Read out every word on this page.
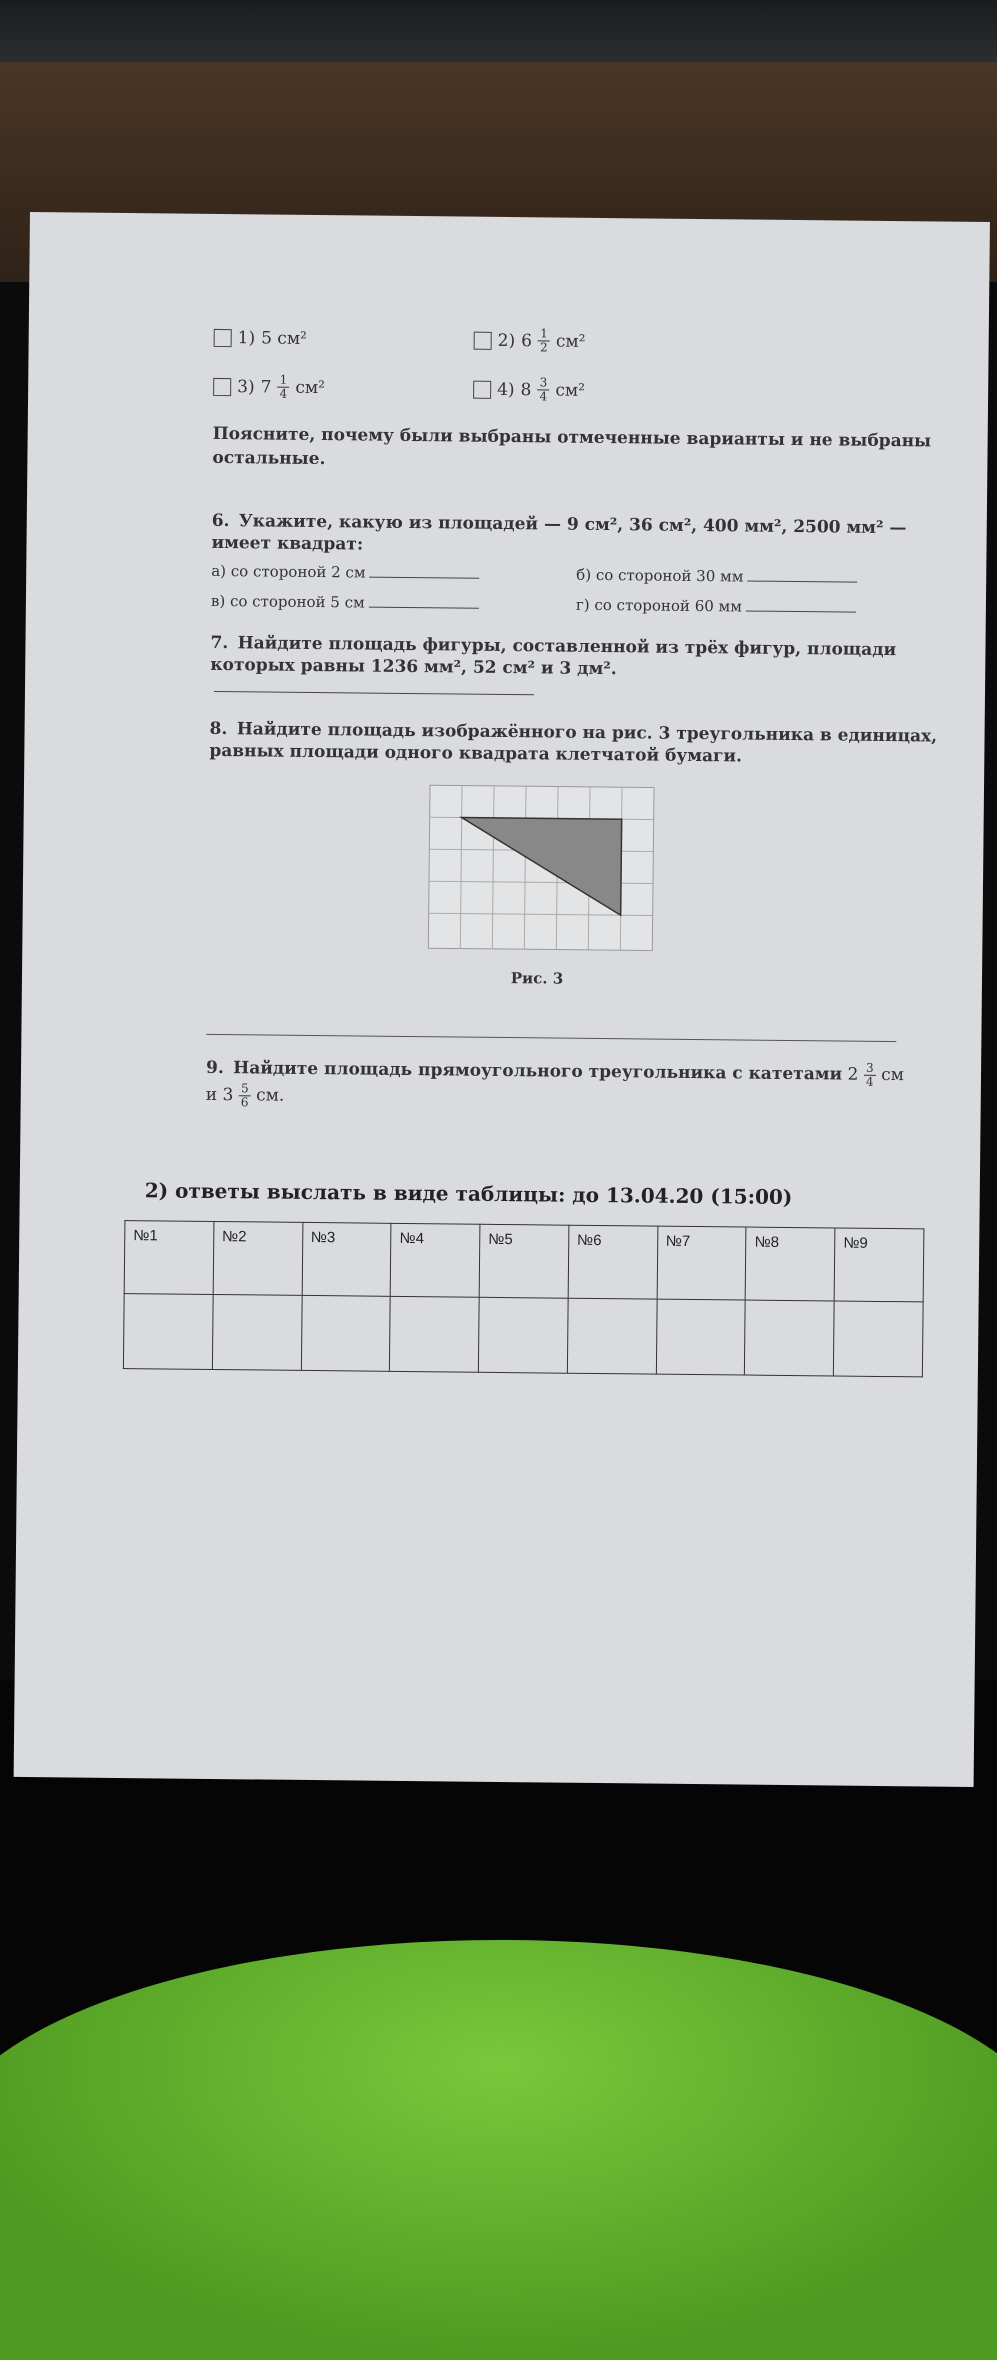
1) 5 см²	2) $6 \frac{1}{2} см^2$
3) $7 \frac{1}{4} см^2$	4) $8 \frac{3}{4} см^2$
Поясните, почему были выбраны отмеченные варианты и не выбраны остальные.
6. Укажите, какую из площадей — 9 см², 36 см², 400 мм², 2500 мм² — имеет квадрат:
а) со стороной 2 см	б) со стороной 30 мм
в) со стороной 5 см	г) со стороной 60 мм
7. Найдите площадь фигуры, составленной из трёх фигур, площади которых равны 1236 мм², 52 см² и 3 дм².
8. Найдите площадь изображённого на рис. 3 треугольника в единицах, равных площади одного квадрата клетчатой бумаги.
Рис. 3
9. Найдите площадь прямоугольного треугольника с катетами $2 \frac{3}{4}$ см
и $3 \frac{5}{6}$ см.
2) ответы выслать в виде таблицы: до 13.04.20 (15:00)
№1	№2	№3	№4	№5	№6	№7	№8	№9
